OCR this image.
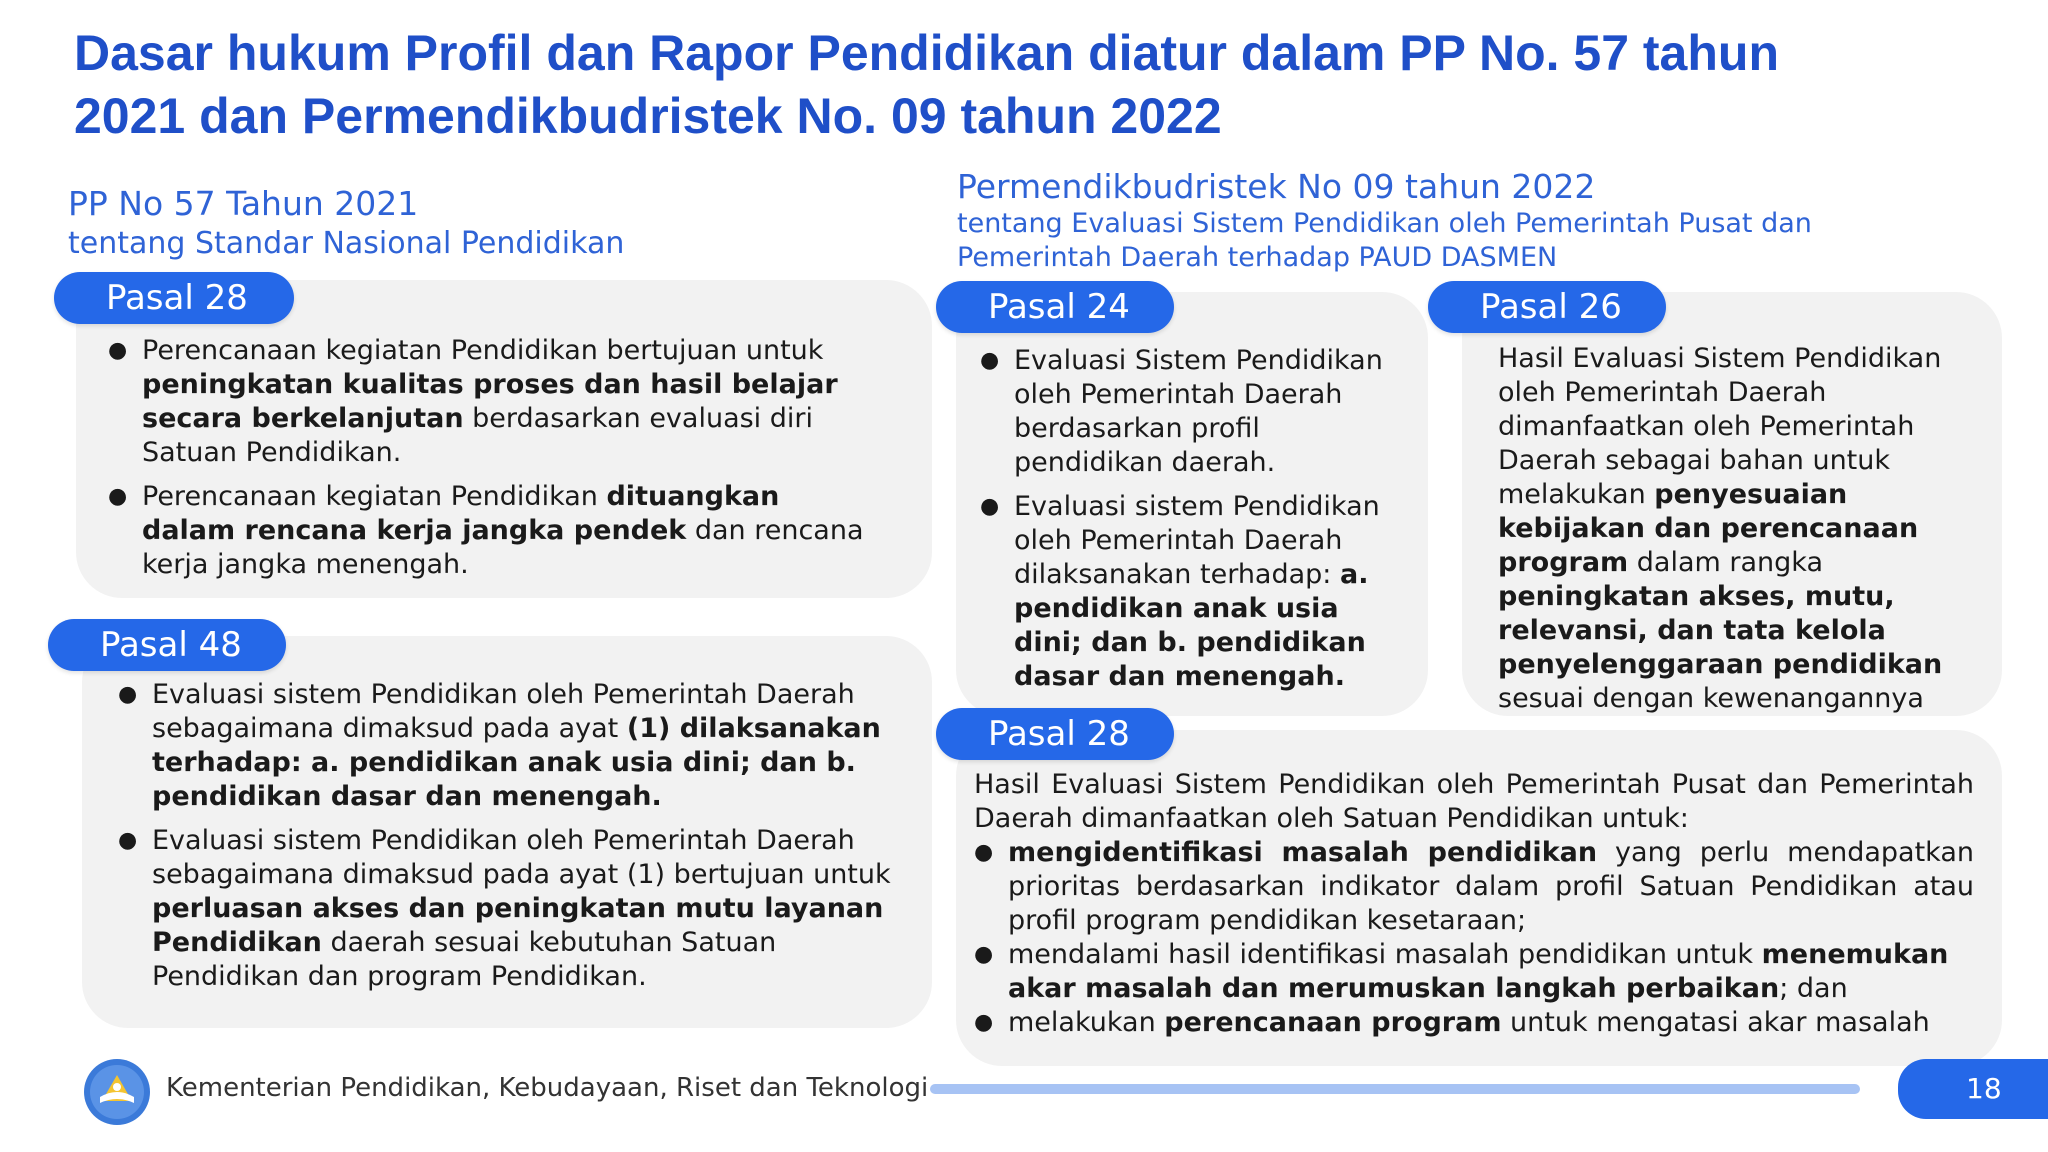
Dasar hukum Profil dan Rapor Pendidikan diatur dalam PP No. 57 tahun
2021 dan Permendikbudristek No. 09 tahun 2022
PP No 57 Tahun 2021
tentang Standar Nasional Pendidikan
Permendikbudristek No 09 tahun 2022
tentang Evaluasi Sistem Pendidikan oleh Pemerintah Pusat dan
Pemerintah Daerah terhadap PAUD DASMEN
● Perencanaan kegiatan Pendidikan bertujuan untuk peningkatan kualitas proses dan hasil belajar secara berkelanjutan berdasarkan evaluasi diri Satuan Pendidikan.
● Perencanaan kegiatan Pendidikan dituangkan dalam rencana kerja jangka pendek dan rencana kerja jangka menengah.
Pasal 28
● Evaluasi sistem Pendidikan oleh Pemerintah Daerah sebagaimana dimaksud pada ayat (1) dilaksanakan terhadap: a. pendidikan anak usia dini; dan b. pendidikan dasar dan menengah.
● Evaluasi sistem Pendidikan oleh Pemerintah Daerah sebagaimana dimaksud pada ayat (1) bertujuan untuk perluasan akses dan peningkatan mutu layanan Pendidikan daerah sesuai kebutuhan Satuan Pendidikan dan program Pendidikan.
Pasal 48
● Evaluasi Sistem Pendidikan oleh Pemerintah Daerah berdasarkan profil pendidikan daerah.
● Evaluasi sistem Pendidikan oleh Pemerintah Daerah dilaksanakan terhadap: a. pendidikan anak usia dini; dan b. pendidikan dasar dan menengah.
Pasal 24
Hasil Evaluasi Sistem Pendidikan oleh Pemerintah Daerah dimanfaatkan oleh Pemerintah Daerah sebagai bahan untuk melakukan penyesuaian kebijakan dan perencanaan program dalam rangka peningkatan akses, mutu, relevansi, dan tata kelola penyelenggaraan pendidikan sesuai dengan kewenangannya
Pasal 26
Hasil Evaluasi Sistem Pendidikan oleh Pemerintah Pusat dan Pemerintah Daerah dimanfaatkan oleh Satuan Pendidikan untuk:
● mengidentifikasi masalah pendidikan yang perlu mendapatkan prioritas berdasarkan indikator dalam profil Satuan Pendidikan atau profil program pendidikan kesetaraan;
● mendalami hasil identifikasi masalah pendidikan untuk menemukan akar masalah dan merumuskan langkah perbaikan; dan
● melakukan perencanaan program untuk mengatasi akar masalah
Pasal 28
Kementerian Pendidikan, Kebudayaan, Riset dan Teknologi	18
